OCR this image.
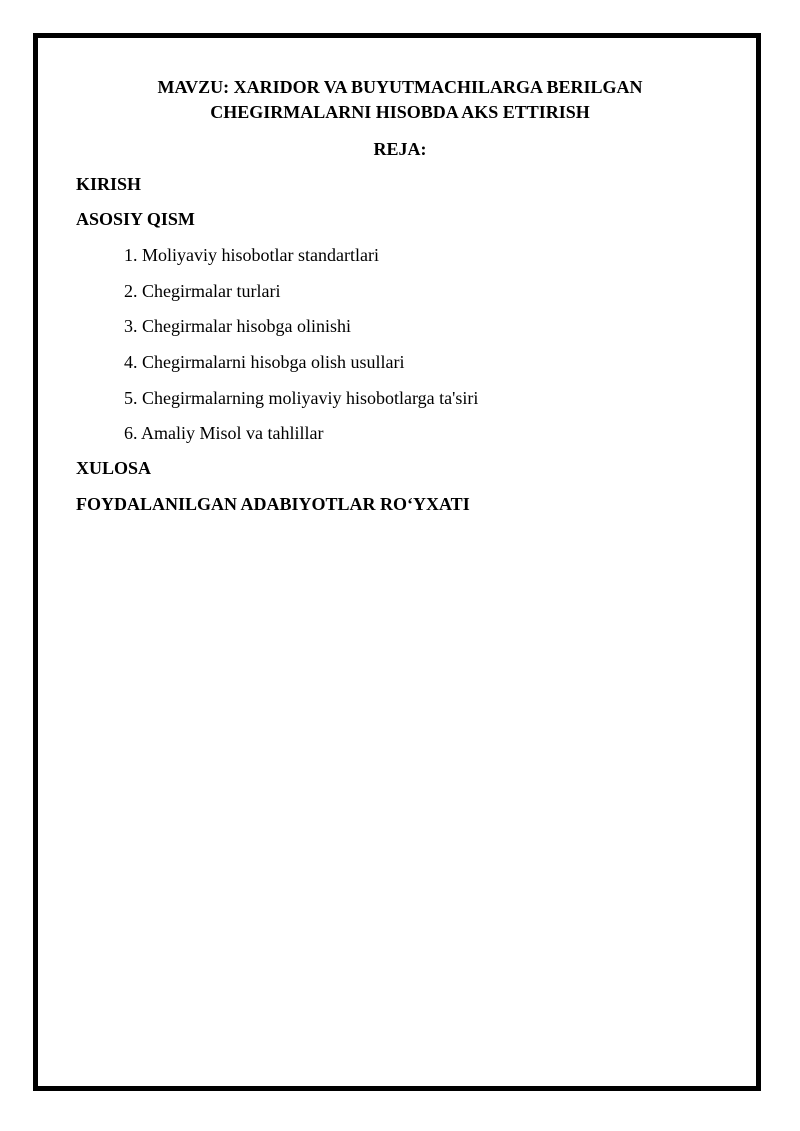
MAVZU: XARIDOR VA BUYUTMACHILARGA BERILGAN
CHEGIRMALARNI HISOBDA AKS ETTIRISH
REJA:
KIRISH
ASOSIY QISM
1. Moliyaviy hisobotlar standartlari
2. Chegirmalar turlari
3. Chegirmalar hisobga olinishi
4. Chegirmalarni hisobga olish usullari
5. Chegirmalarning moliyaviy hisobotlarga ta'siri
6. Amaliy Misol va tahlillar
XULOSA
FOYDALANILGAN ADABIYOTLAR RO‘YXATI
